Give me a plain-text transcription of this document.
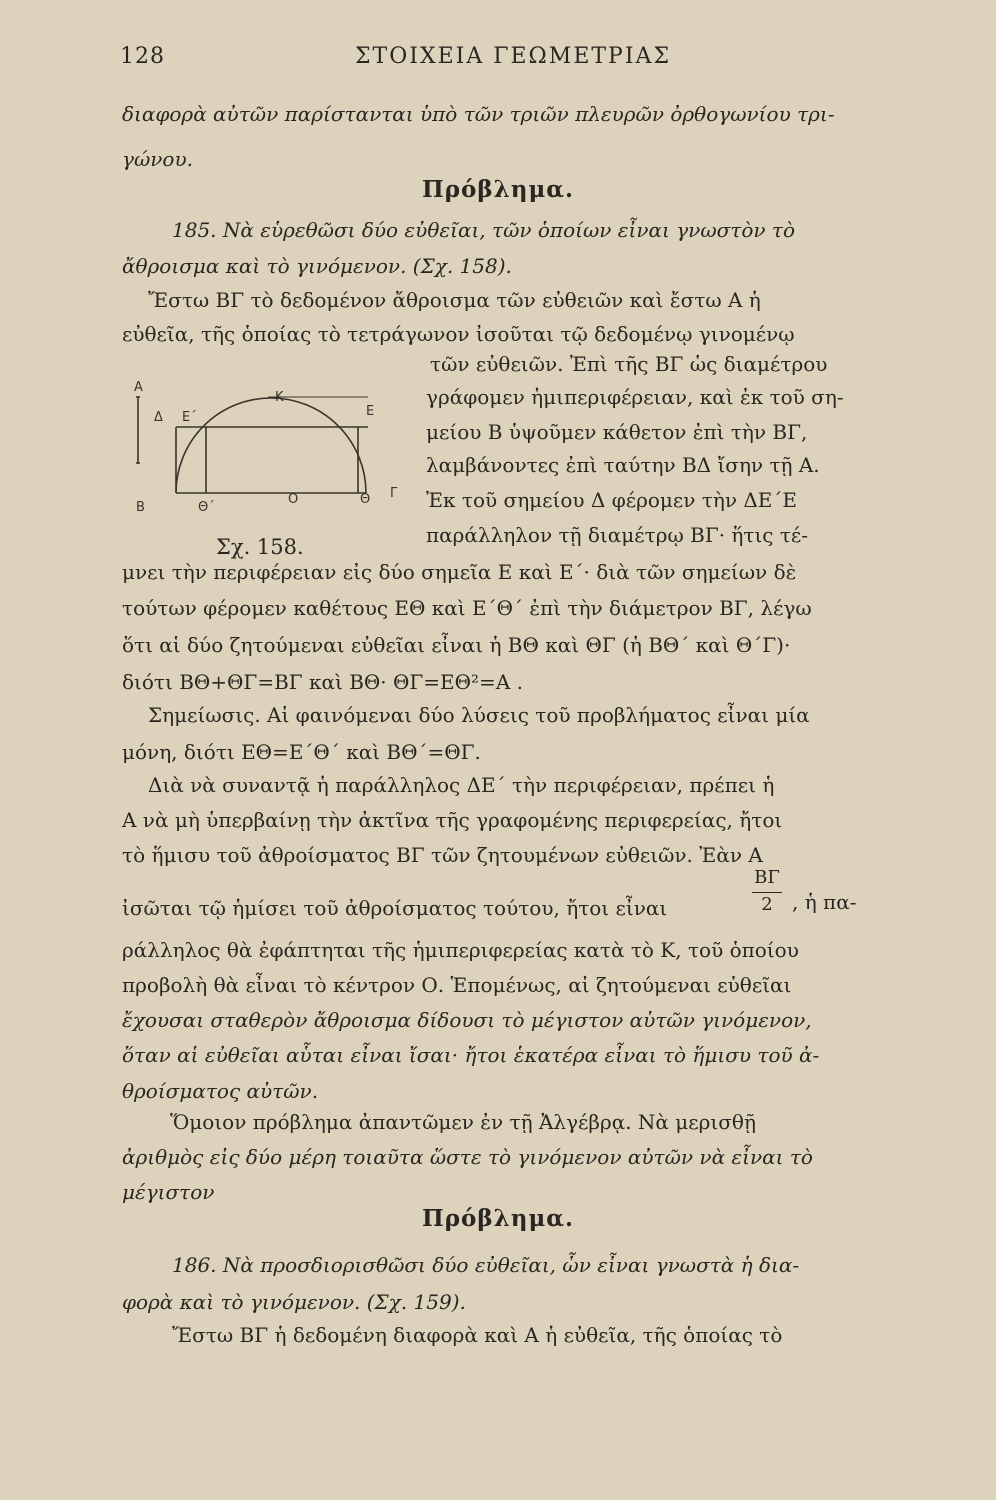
128	ΣΤΟΙΧΕΙΑ ΓΕΩΜΕΤΡΙΑΣ
διαφορὰ αὐτῶν παρίστανται ὑπὸ τῶν τριῶν πλευρῶν ὀρθογωνίου τρι-
γώνου.
Πρόβλημα.
185. Νὰ εὑρεθῶσι δύο εὐθεῖαι, τῶν ὁποίων εἶναι γνωστὸν τὸ
ἄθροισμα καὶ τὸ γινόμενον. (Σχ. 158).
Ἔστω ΒΓ τὸ δεδομένον ἄθροισμα τῶν εὐθειῶν καὶ ἔστω Α ἡ
εὐθεῖα, τῆς ὁποίας τὸ τετράγωνον ἰσοῦται τῷ δεδομένῳ γινομένῳ
τῶν εὐθειῶν. Ἐπὶ τῆς ΒΓ ὡς διαμέτρου
γράφομεν ἡμιπεριφέρειαν, καὶ ἐκ τοῦ ση-
μείου Β ὑψοῦμεν κάθετον ἐπὶ τὴν ΒΓ,
λαμβάνοντες ἐπὶ ταύτην ΒΔ ἴσην τῇ Α.
Ἐκ τοῦ σημείου Δ φέρομεν τὴν ΔΕ΄Ε
παράλληλον τῇ διαμέτρῳ ΒΓ· ἥτις τέ-
Α
Δ Ε΄
Κ
Ε
Β	Θ΄
Ο	Θ Γ
Σχ. 158.
μνει τὴν περιφέρειαν εἰς δύο σημεῖα Ε καὶ Ε΄· διὰ τῶν σημείων δὲ
τούτων φέρομεν καθέτους ΕΘ καὶ Ε΄Θ΄ ἐπὶ τὴν διάμετρον ΒΓ, λέγω
ὅτι αἱ δύο ζητούμεναι εὐθεῖαι εἶναι ἡ ΒΘ καὶ ΘΓ (ἡ ΒΘ΄ καὶ Θ΄Γ)·
διότι ΒΘ+ΘΓ=ΒΓ καὶ ΒΘ· ΘΓ=ΕΘ²=Α .
Σημείωσις. Αἱ φαινόμεναι δύο λύσεις τοῦ προβλήματος εἶναι μία
μόνη, διότι ΕΘ=Ε΄Θ΄ καὶ ΒΘ΄=ΘΓ.
Διὰ νὰ συναντᾷ ἡ παράλληλος ΔΕ΄ τὴν περιφέρειαν, πρέπει ἡ
Α νὰ μὴ ὑπερβαίνῃ τὴν ἀκτῖνα τῆς γραφομένης περιφερείας, ἤτοι
τὸ ἥμισυ τοῦ ἀθροίσματος ΒΓ τῶν ζητουμένων εὐθειῶν. Ἐὰν Α
ἰσῶται τῷ ἡμίσει τοῦ ἀθροίσματος τούτου, ἤτοι εἶναι
ΒΓ
2 , ἡ πα-
ράλληλος θὰ ἐφάπτηται τῆς ἡμιπεριφερείας κατὰ τὸ Κ, τοῦ ὁποίου
προβολὴ θὰ εἶναι τὸ κέντρον Ο. Ἑπομένως, αἱ ζητούμεναι εὐθεῖαι
ἔχουσαι σταθερὸν ἄθροισμα δίδουσι τὸ μέγιστον αὐτῶν γινόμενον,
ὅταν αἱ εὐθεῖαι αὗται εἶναι ἴσαι· ἤτοι ἑκατέρα εἶναι τὸ ἥμισυ τοῦ ἀ-
θροίσματος αὐτῶν.
Ὅμοιον πρόβλημα ἀπαντῶμεν ἐν τῇ Ἀλγέβρᾳ. Νὰ μερισθῇ
ἀριθμὸς εἰς δύο μέρη τοιαῦτα ὥστε τὸ γινόμενον αὐτῶν νὰ εἶναι τὸ
μέγιστον
Πρόβλημα.
186. Νὰ προσδιορισθῶσι δύο εὐθεῖαι, ὧν εἶναι γνωστὰ ἡ δια-
φορὰ καὶ τὸ γινόμενον. (Σχ. 159).
Ἔστω ΒΓ ἡ δεδομένη διαφορὰ καὶ Α ἡ εὐθεῖα, τῆς ὁποίας τὸ
